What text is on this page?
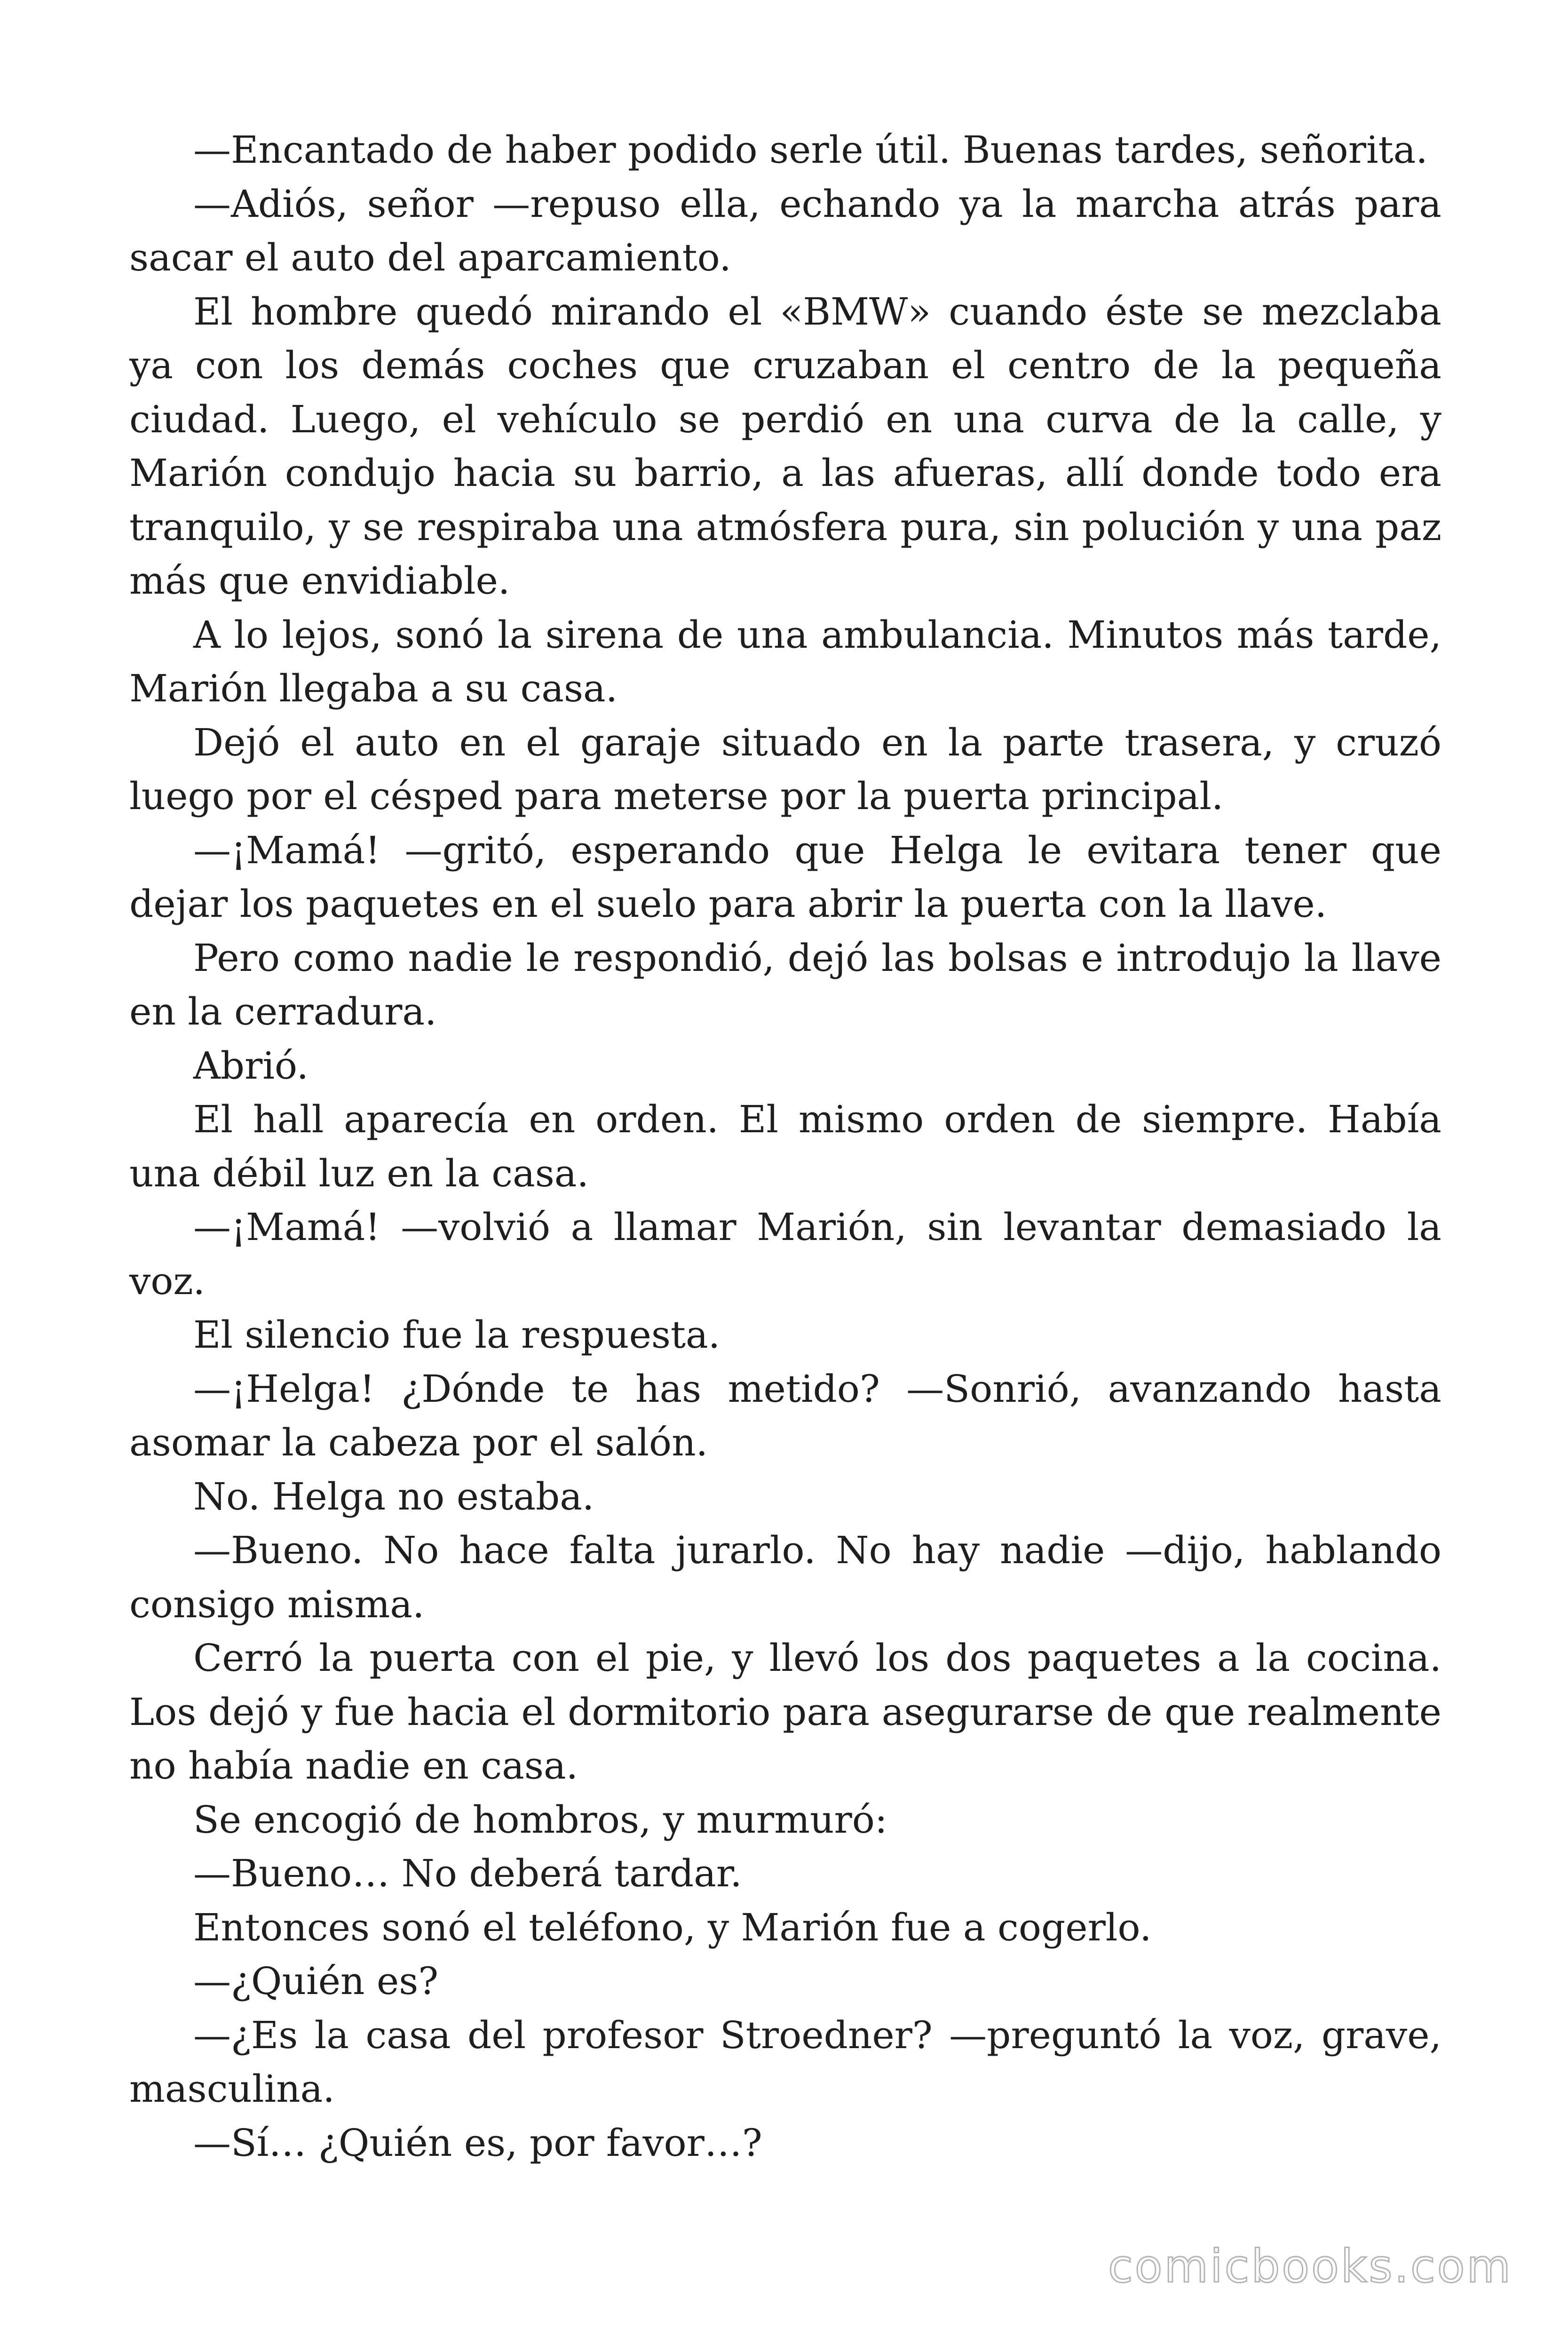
—Encantado de haber podido serle útil. Buenas tardes, señorita.

—Adiós, señor —repuso ella, echando ya la marcha atrás para sacar el auto del aparcamiento.

El hombre quedó mirando el «BMW» cuando éste se mezclaba ya con los demás coches que cruzaban el centro de la pequeña ciudad. Luego, el vehículo se perdió en una curva de la calle, y Marión condujo hacia su barrio, a las afueras, allí donde todo era tranquilo, y se respiraba una atmósfera pura, sin polución y una paz más que envidiable.

A lo lejos, sonó la sirena de una ambulancia. Minutos más tarde, Marión llegaba a su casa.

Dejó el auto en el garaje situado en la parte trasera, y cruzó luego por el césped para meterse por la puerta principal.

—¡Mamá! —gritó, esperando que Helga le evitara tener que dejar los paquetes en el suelo para abrir la puerta con la llave.

Pero como nadie le respondió, dejó las bolsas e introdujo la llave en la cerradura.

Abrió.

El hall aparecía en orden. El mismo orden de siempre. Había una débil luz en la casa.

—¡Mamá! —volvió a llamar Marión, sin levantar demasiado la voz.

El silencio fue la respuesta.

—¡Helga! ¿Dónde te has metido? —Sonrió, avanzando hasta asomar la cabeza por el salón.

No. Helga no estaba.

—Bueno. No hace falta jurarlo. No hay nadie —dijo, hablando consigo misma.

Cerró la puerta con el pie, y llevó los dos paquetes a la cocina. Los dejó y fue hacia el dormitorio para asegurarse de que realmente no había nadie en casa.

Se encogió de hombros, y murmuró:

—Bueno… No deberá tardar.

Entonces sonó el teléfono, y Marión fue a cogerlo.

—¿Quién es?

—¿Es la casa del profesor Stroedner? —preguntó la voz, grave, masculina.

—Sí… ¿Quién es, por favor…?

comicbooks.com
